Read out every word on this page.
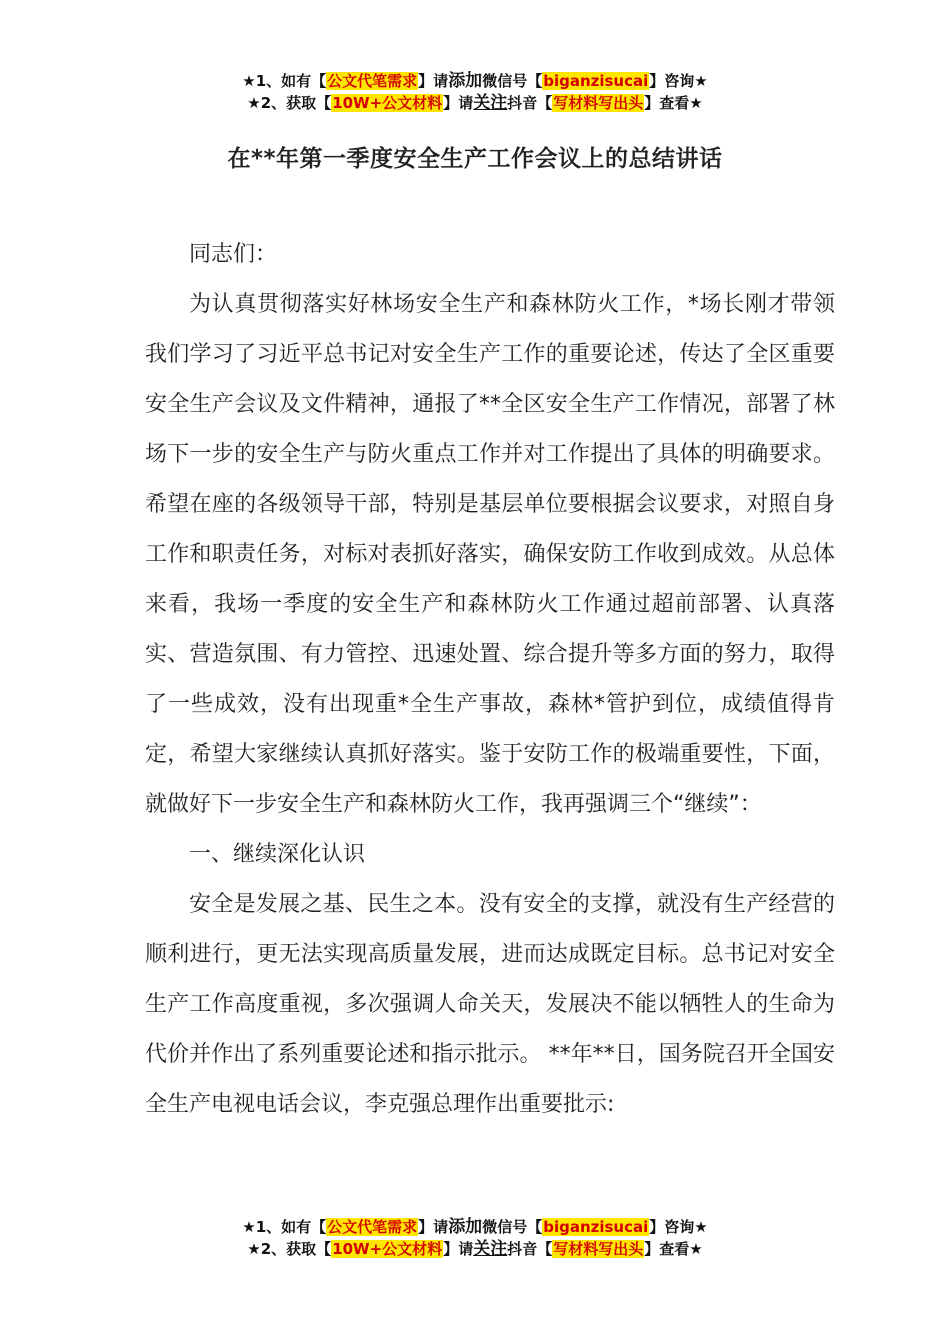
★1、如有【公文代笔需求】请添加微信号【biganzisucai】咨询★
★2、获取【10W+公文材料】请关注抖音【写材料写出头】查看★
在**年第一季度安全生产工作会议上的总结讲话

同志们：

为认真贯彻落实好林场安全生产和森林防火工作，*场长刚才带领我们学习了习近平总书记对安全生产工作的重要论述，传达了全区重要安全生产会议及文件精神，通报了**全区安全生产工作情况，部署了林场下一步的安全生产与防火重点工作并对工作提出了具体的明确要求。希望在座的各级领导干部，特别是基层单位要根据会议要求，对照自身工作和职责任务，对标对表抓好落实，确保安防工作收到成效。从总体来看，我场一季度的安全生产和森林防火工作通过超前部署、认真落实、营造氛围、有力管控、迅速处置、综合提升等多方面的努力，取得了一些成效，没有出现重*全生产事故，森林*管护到位，成绩值得肯定，希望大家继续认真抓好落实。鉴于安防工作的极端重要性，下面，就做好下一步安全生产和森林防火工作，我再强调三个“继续”：

一、继续深化认识

安全是发展之基、民生之本。没有安全的支撑，就没有生产经营的顺利进行，更无法实现高质量发展，进而达成既定目标。总书记对安全生产工作高度重视，多次强调人命关天，发展决不能以牺牲人的生命为代价并作出了系列重要论述和指示批示。 **年**日，国务院召开全国安全生产电视电话会议，李克强总理作出重要批示:

★1、如有【公文代笔需求】请添加微信号【biganzisucai】咨询★
★2、获取【10W+公文材料】请关注抖音【写材料写出头】查看★
